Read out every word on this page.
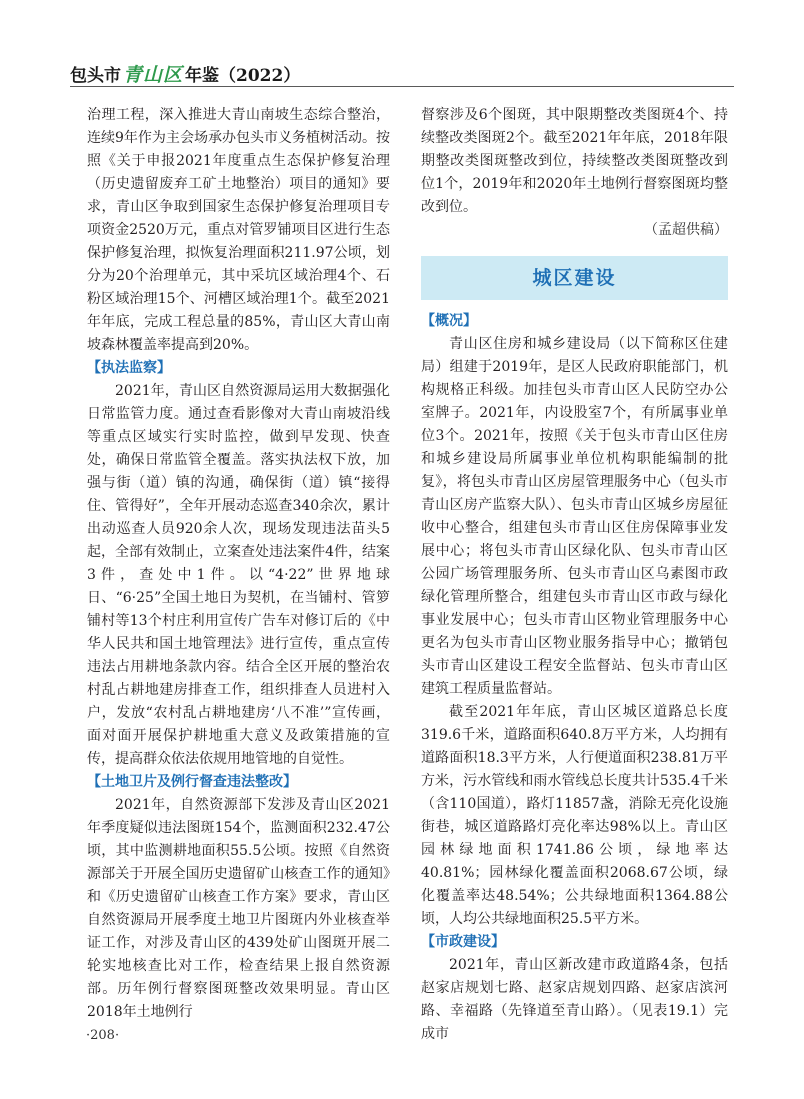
包头市 青山区 年鉴（2022）

治理工程，深入推进大青山南坡生态综合整治，连续9年作为主会场承办包头市义务植树活动。按照《关于申报2021年度重点生态保护修复治理（历史遗留废弃工矿土地整治）项目的通知》要求，青山区争取到国家生态保护修复治理项目专项资金2520万元，重点对管罗铺项目区进行生态保护修复治理，拟恢复治理面积211.97公顷，划分为20个治理单元，其中采坑区域治理4个、石粉区域治理15个、河槽区域治理1个。截至2021年年底，完成工程总量的85%，青山区大青山南坡森林覆盖率提高到20%。

【执法监察】

2021年，青山区自然资源局运用大数据强化日常监管力度。通过查看影像对大青山南坡沿线等重点区域实行实时监控，做到早发现、快查处，确保日常监管全覆盖。落实执法权下放，加强与街（道）镇的沟通，确保街（道）镇“接得住、管得好”，全年开展动态巡查340余次，累计出动巡查人员920余人次，现场发现违法苗头5起，全部有效制止，立案查处违法案件4件，结案3件，查处中1件。以“4·22”世界地球日、“6·25”全国土地日为契机，在当铺村、管箩铺村等13个村庄利用宣传广告车对修订后的《中华人民共和国土地管理法》进行宣传，重点宣传违法占用耕地条款内容。结合全区开展的整治农村乱占耕地建房排查工作，组织排查人员进村入户，发放“农村乱占耕地建房‘八不准’”宣传画，面对面开展保护耕地重大意义及政策措施的宣传，提高群众依法依规用地管地的自觉性。

【土地卫片及例行督查违法整改】

2021年，自然资源部下发涉及青山区2021年季度疑似违法图斑154个，监测面积232.47公顷，其中监测耕地面积55.5公顷。按照《自然资源部关于开展全国历史遗留矿山核查工作的通知》和《历史遗留矿山核查工作方案》要求，青山区自然资源局开展季度土地卫片图斑内外业核查举证工作，对涉及青山区的439处矿山图斑开展二轮实地核查比对工作，检查结果上报自然资源部。历年例行督察图斑整改效果明显。青山区2018年土地例行

督察涉及6个图斑，其中限期整改类图斑4个、持续整改类图斑2个。截至2021年年底，2018年限期整改类图斑整改到位，持续整改类图斑整改到位1个，2019年和2020年土地例行督察图斑均整改到位。

（孟超供稿）

城区建设
【概况】

青山区住房和城乡建设局（以下简称区住建局）组建于2019年，是区人民政府职能部门，机构规格正科级。加挂包头市青山区人民防空办公室牌子。2021年，内设股室7个，有所属事业单位3个。2021年，按照《关于包头市青山区住房和城乡建设局所属事业单位机构职能编制的批复》，将包头市青山区房屋管理服务中心（包头市青山区房产监察大队）、包头市青山区城乡房屋征收中心整合，组建包头市青山区住房保障事业发展中心；将包头市青山区绿化队、包头市青山区公园广场管理服务所、包头市青山区乌素图市政绿化管理所整合，组建包头市青山区市政与绿化事业发展中心；包头市青山区物业管理服务中心更名为包头市青山区物业服务指导中心；撤销包头市青山区建设工程安全监督站、包头市青山区建筑工程质量监督站。

截至2021年年底，青山区城区道路总长度319.6千米，道路面积640.8万平方米，人均拥有道路面积18.3平方米，人行便道面积238.81万平方米，污水管线和雨水管线总长度共计535.4千米（含110国道），路灯11857盏，消除无亮化设施街巷，城区道路路灯亮化率达98%以上。青山区园林绿地面积1741.86公顷，绿地率达40.81%；园林绿化覆盖面积2068.67公顷，绿化覆盖率达48.54%；公共绿地面积1364.88公顷，人均公共绿地面积25.5平方米。

【市政建设】

2021年，青山区新改建市政道路4条，包括赵家店规划七路、赵家店规划四路、赵家店滨河路、幸福路（先锋道至青山路）。（见表19.1）完成市

·208·
